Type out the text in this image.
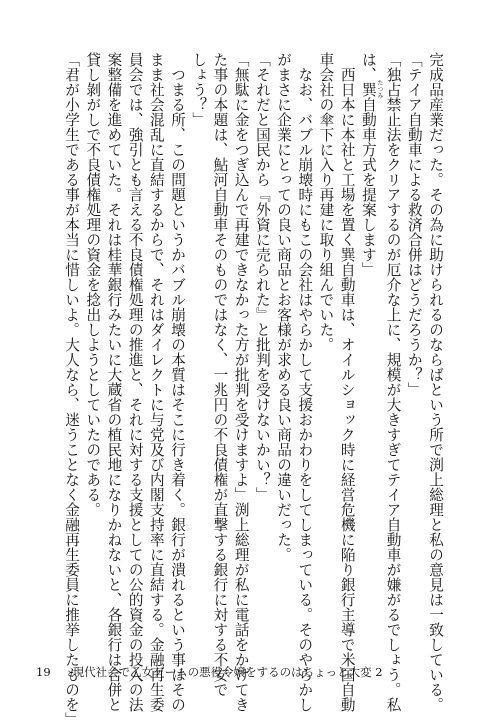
完成品産業だった。その為に助けられるのならばという所で渕上総理と私の意見は一致している。
「テイア自動車による救済合併はどうだろうか？」
「独占禁止法をクリアするのが厄介な上に、規模が大きすぎてテイア自動車が嫌がるでしょう。私
は、巽 たつみ自動車方式を提案します」
　西日本に本社と工場を置く巽自動車は、オイルショック時に経営危機に陥り銀行主導で米国自動
車会社の傘下に入り再建に取り組んでいた。
　なお、バブル崩壊時にもこの会社はやらかして支援おかわりをしてしまっている。そのやらかし
がまさに企業にとっての良い商品とお客様が求める良い商品の違いだった。
「それだと国民から『外資に売られた』と批判を受けないかい？」
「無駄に金をつぎ込んで再建できなかった方が批判を受けますよ」渕上総理が私に電話をかけてき
た事の本題は、鮎河自動車そのものではなく、一兆円の不良債権が直撃する銀行に対する不安で
しょう？」
　つまる所、この問題というかバブル崩壊の本質はそこに行き着く。銀行が潰れるという事はその
まま社会混乱に直結するからで、それはダイレクトに与党及び内閣支持率に直結する。金融再生委
員会では、強引とも言える不良債権処理の推進と、それに対する支援としての公的資金の投入の法
案整備を進めていた。それは桂華銀行みたいに大蔵省の植民地になりかねないと、各銀行は合併と
貸し剝がしで不良債権処理の資金を捻出しようとしていたのである。
「君が小学生である事が本当に惜しいよ。大人なら、迷うことなく金融再生委員に推挙したものを」
19 現代社会で乙女ゲームの悪役令嬢をするのはちょっと大変 2
